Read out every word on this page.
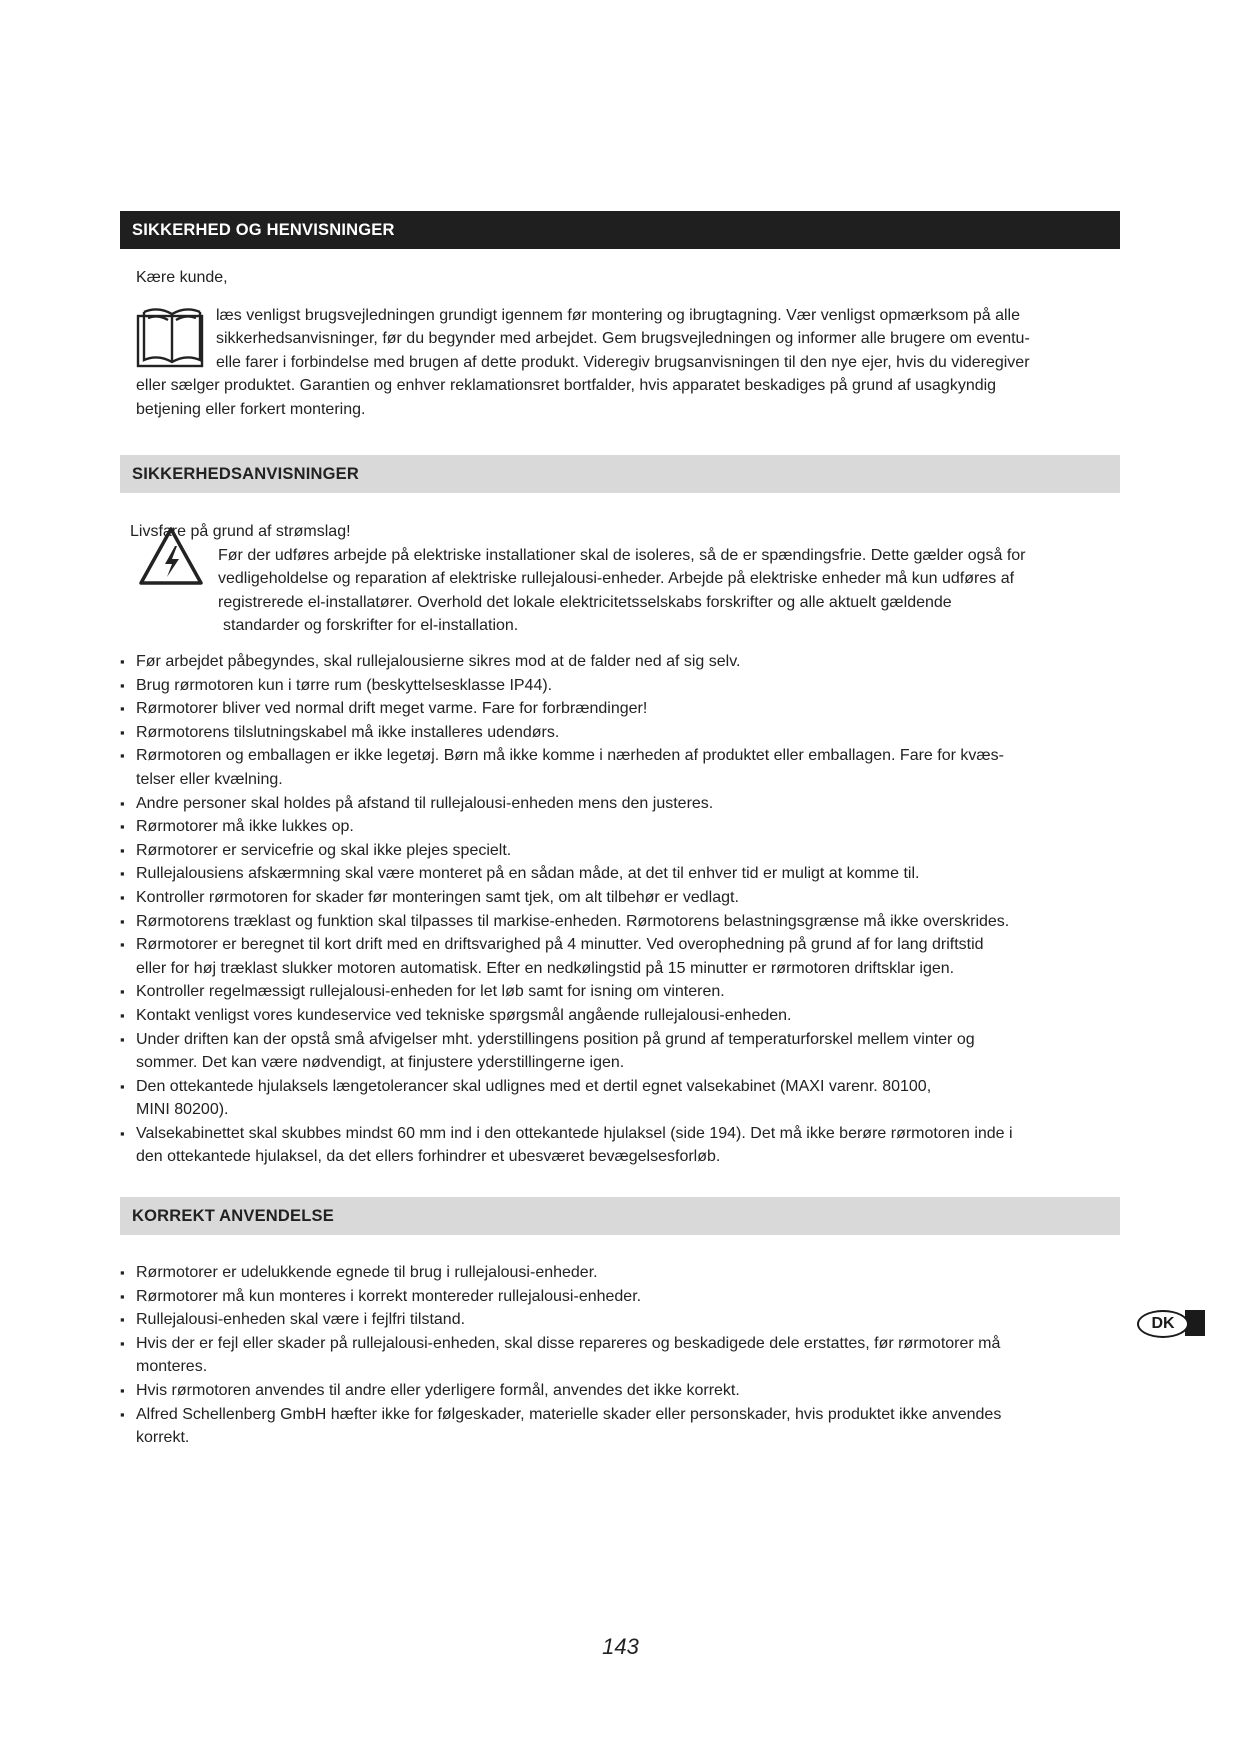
SIKKERHED OG HENVISNINGER
Kære kunde,
læs venligst brugsvejledningen grundigt igennem før montering og ibrugtagning. Vær venligst opmærksom på alle
sikkerhedsanvisninger, før du begynder med arbejdet. Gem brugsvejledningen og informer alle brugere om eventu-
elle farer i forbindelse med brugen af dette produkt. Videregiv brugsanvisningen til den nye ejer, hvis du videregiver
eller sælger produktet. Garantien og enhver reklamationsret bortfalder, hvis apparatet beskadiges på grund af usagkyndig
betjening eller forkert montering.
SIKKERHEDSANVISNINGER
Livsfare på grund af strømslag!
Før der udføres arbejde på elektriske installationer skal de isoleres, så de er spændingsfrie. Dette gælder også for
vedligeholdelse og reparation af elektriske rullejalousi-enheder. Arbejde på elektriske enheder må kun udføres af
registrerede el-installatører. Overhold det lokale elektricitetsselskabs forskrifter og alle aktuelt gældende
standarder og forskrifter for el-installation.
▪ Før arbejdet påbegyndes, skal rullejalousierne sikres mod at de falder ned af sig selv.
▪ Brug rørmotoren kun i tørre rum (beskyttelsesklasse IP44).
▪ Rørmotorer bliver ved normal drift meget varme. Fare for forbrændinger!
▪ Rørmotorens tilslutningskabel må ikke installeres udendørs.
▪ Rørmotoren og emballagen er ikke legetøj. Børn må ikke komme i nærheden af produktet eller emballagen. Fare for kvæs-
telser eller kvælning.
▪ Andre personer skal holdes på afstand til rullejalousi-enheden mens den justeres.
▪ Rørmotorer må ikke lukkes op.
▪ Rørmotorer er servicefrie og skal ikke plejes specielt.
▪ Rullejalousiens afskærmning skal være monteret på en sådan måde, at det til enhver tid er muligt at komme til.
▪ Kontroller rørmotoren for skader før monteringen samt tjek, om alt tilbehør er vedlagt.
▪ Rørmotorens træklast og funktion skal tilpasses til markise-enheden. Rørmotorens belastningsgrænse må ikke overskrides.
▪ Rørmotorer er beregnet til kort drift med en driftsvarighed på 4 minutter. Ved overophedning på grund af for lang driftstid
eller for høj træklast slukker motoren automatisk. Efter en nedkølingstid på 15 minutter er rørmotoren driftsklar igen.
▪ Kontroller regelmæssigt rullejalousi-enheden for let løb samt for isning om vinteren.
▪ Kontakt venligst vores kundeservice ved tekniske spørgsmål angående rullejalousi-enheden.
▪ Under driften kan der opstå små afvigelser mht. yderstillingens position på grund af temperaturforskel mellem vinter og
sommer. Det kan være nødvendigt, at finjustere yderstillingerne igen.
▪ Den ottekantede hjulaksels længetolerancer skal udlignes med et dertil egnet valsekabinet (MAXI varenr. 80100,
MINI 80200).
▪ Valsekabinettet skal skubbes mindst 60 mm ind i den ottekantede hjulaksel (side 194). Det må ikke berøre rørmotoren inde i
den ottekantede hjulaksel, da det ellers forhindrer et ubesværet bevægelsesforløb.
KORREKT ANVENDELSE
▪ Rørmotorer er udelukkende egnede til brug i rullejalousi-enheder.
▪ Rørmotorer må kun monteres i korrekt montereder rullejalousi-enheder.
▪ Rullejalousi-enheden skal være i fejlfri tilstand.
▪ Hvis der er fejl eller skader på rullejalousi-enheden, skal disse repareres og beskadigede dele erstattes, før rørmotorer må
monteres.
▪ Hvis rørmotoren anvendes til andre eller yderligere formål, anvendes det ikke korrekt.
▪ Alfred Schellenberg GmbH hæfter ikke for følgeskader, materielle skader eller personskader, hvis produktet ikke anvendes
korrekt.
DK
143
